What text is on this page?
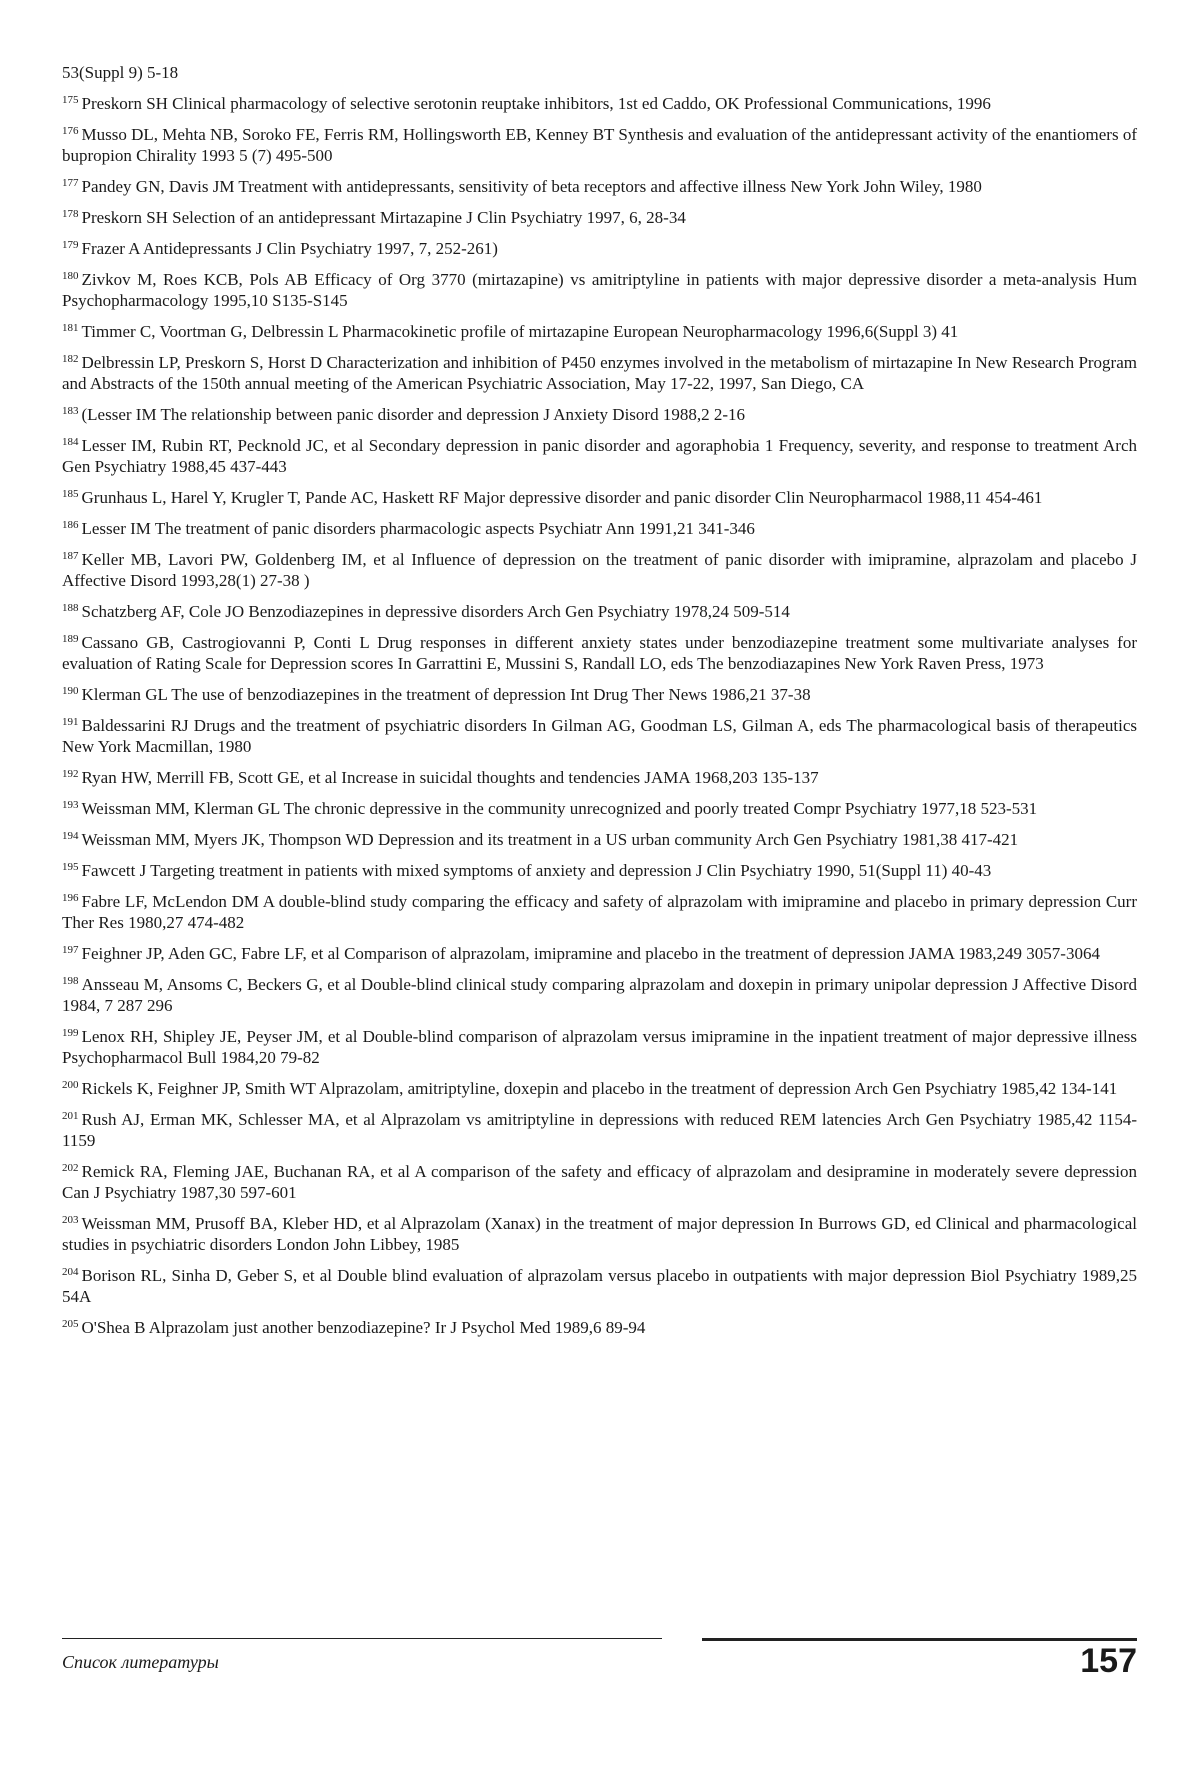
53(Suppl 9) 5-18
$^{175}$ Preskorn SH Clinical pharmacology of selective serotonin reuptake inhibitors, 1st ed Caddo, OK Professional Communications, 1996
$^{176}$ Musso DL, Mehta NB, Soroko FE, Ferris RM, Hollingsworth EB, Kenney BT Synthesis and evaluation of the antidepressant activity of the enantiomers of bupropion Chirality 1993 5 (7) 495-500
$^{177}$ Pandey GN, Davis JM Treatment with antidepressants, sensitivity of beta receptors and affective illness New York John Wiley, 1980
$^{178}$ Preskorn SH Selection of an antidepressant Mirtazapine J Clin Psychiatry 1997, 6, 28-34
$^{179}$ Frazer A Antidepressants J Clin Psychiatry 1997, 7, 252-261)
$^{180}$ Zivkov M, Roes KCB, Pols AB Efficacy of Org 3770 (mirtazapine) vs amitriptyline in patients with major depressive disorder a meta-analysis Hum Psychopharmacology 1995,10 S135-S145
$^{181}$ Timmer C, Voortman G, Delbressin L Pharmacokinetic profile of mirtazapine European Neuropharmacology 1996,6(Suppl 3) 41
$^{182}$ Delbressin LP, Preskorn S, Horst D Characterization and inhibition of P450 enzymes involved in the metabolism of mirtazapine In New Research Program and Abstracts of the 150th annual meeting of the American Psychiatric Association, May 17-22, 1997, San Diego, CA
$^{183}$ (Lesser IM The relationship between panic disorder and depression J Anxiety Disord 1988,2 2-16
$^{184}$ Lesser IM, Rubin RT, Pecknold JC, et al Secondary depression in panic disorder and agoraphobia 1 Frequency, severity, and response to treatment Arch Gen Psychiatry 1988,45 437-443
$^{185}$ Grunhaus L, Harel Y, Krugler T, Pande AC, Haskett RF Major depressive disorder and panic disorder Clin Neuropharmacol 1988,11 454-461
$^{186}$ Lesser IM The treatment of panic disorders pharmacologic aspects Psychiatr Ann 1991,21 341-346
$^{187}$ Keller MB, Lavori PW, Goldenberg IM, et al Influence of depression on the treatment of panic disorder with imipramine, alprazolam and placebo J Affective Disord 1993,28(1) 27-38 )
$^{188}$ Schatzberg AF, Cole JO Benzodiazepines in depressive disorders Arch Gen Psychiatry 1978,24 509-514
$^{189}$ Cassano GB, Castrogiovanni P, Conti L Drug responses in different anxiety states under benzodiazepine treatment some multivariate analyses for evaluation of Rating Scale for Depression scores In Garrattini E, Mussini S, Randall LO, eds The benzodiazapines New York Raven Press, 1973
$^{190}$ Klerman GL The use of benzodiazepines in the treatment of depression Int Drug Ther News 1986,21 37-38
$^{191}$ Baldessarini RJ Drugs and the treatment of psychiatric disorders In Gilman AG, Goodman LS, Gilman A, eds The pharmacological basis of therapeutics New York Macmillan, 1980
$^{192}$ Ryan HW, Merrill FB, Scott GE, et al Increase in suicidal thoughts and tendencies JAMA 1968,203 135-137
$^{193}$ Weissman MM, Klerman GL The chronic depressive in the community unrecognized and poorly treated Compr Psychiatry 1977,18 523-531
$^{194}$ Weissman MM, Myers JK, Thompson WD Depression and its treatment in a US urban community Arch Gen Psychiatry 1981,38 417-421
$^{195}$ Fawcett J Targeting treatment in patients with mixed symptoms of anxiety and depression J Clin Psychiatry 1990, 51(Suppl 11) 40-43
$^{196}$ Fabre LF, McLendon DM A double-blind study comparing the efficacy and safety of alprazolam with imipramine and placebo in primary depression Curr Ther Res 1980,27 474-482
$^{197}$ Feighner JP, Aden GC, Fabre LF, et al Comparison of alprazolam, imipramine and placebo in the treatment of depression JAMA 1983,249 3057-3064
$^{198}$ Ansseau M, Ansoms C, Beckers G, et al Double-blind clinical study comparing alprazolam and doxepin in primary unipolar depression J Affective Disord 1984, 7 287 296
$^{199}$ Lenox RH, Shipley JE, Peyser JM, et al Double-blind comparison of alprazolam versus imipramine in the inpatient treatment of major depressive illness Psychopharmacol Bull 1984,20 79-82
$^{200}$ Rickels K, Feighner JP, Smith WT Alprazolam, amitriptyline, doxepin and placebo in the treatment of depression Arch Gen Psychiatry 1985,42 134-141
$^{201}$ Rush AJ, Erman MK, Schlesser MA, et al Alprazolam vs amitriptyline in depressions with reduced REM latencies Arch Gen Psychiatry 1985,42 1154-1159
$^{202}$ Remick RA, Fleming JAE, Buchanan RA, et al A comparison of the safety and efficacy of alprazolam and desipramine in moderately severe depression Can J Psychiatry 1987,30 597-601
$^{203}$ Weissman MM, Prusoff BA, Kleber HD, et al Alprazolam (Xanax) in the treatment of major depression In Burrows GD, ed Clinical and pharmacological studies in psychiatric disorders London John Libbey, 1985
$^{204}$ Borison RL, Sinha D, Geber S, et al Double blind evaluation of alprazolam versus placebo in outpatients with major depression Biol Psychiatry 1989,25 54A
$^{205}$ O'Shea B Alprazolam just another benzodiazepine? Ir J Psychol Med 1989,6 89-94
Список литературы	157
